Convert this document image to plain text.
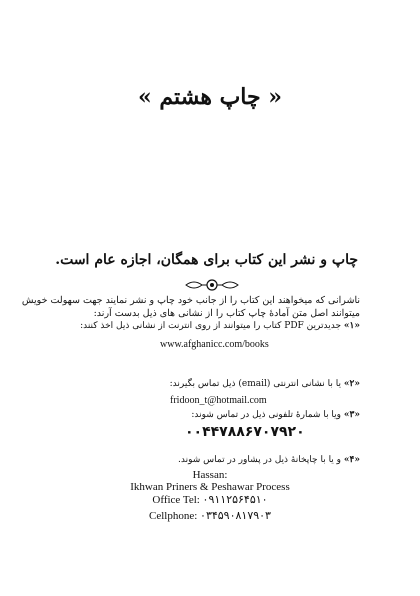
« چاپ هشتم »
چاپ و نشر این کتاب برای همگان، اجازه عام است.
ناشرانی که میخواهند این کتاب را از جانب خود چاپ و نشر نمایند جهت سهولت خویش
میتوانند اصل متن آمادهٔ چاپ کتاب را از نشانی های ذیل بدست آرند:
«۱» جدیدترین PDF کتاب را میتوانند از روی انترنت از نشانی ذیل اخذ کنند:
www.afghanicc.com/books
«۲» یا با نشانی انترنتی (email) ذیل تماس بگیرند:
fridoon_t@hotmail.com
«۳» ویا با شمارهٔ تلفونی ذیل در تماس شوند:
۰۰۴۴۷۸۸۶۷۰۷۹۲۰
«۴» و یا با چاپخانهٔ ذیل در پشاور در تماس شوند.
Hassan:
Ikhwan Priners & Peshawar Process
Office Tel: ۰۹۱۱۲۵۶۴۵۱۰
Cellphone: ۰۳۴۵۹۰۸۱۷۹۰۳
